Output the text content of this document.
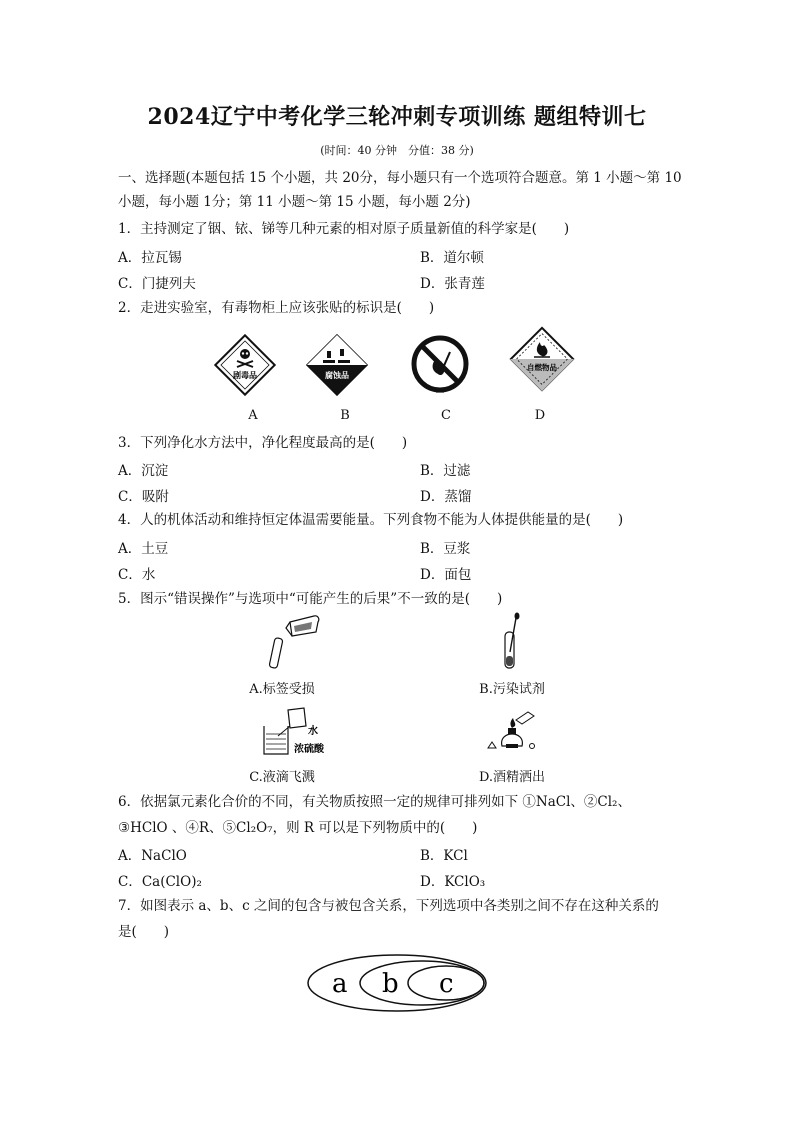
2024辽宁中考化学三轮冲刺专项训练 题组特训七
(时间：40 分钟　分值：38 分)
一、选择题(本题包括 15 个小题，共 20分，每小题只有一个选项符合题意。第 1 小题～第 10
小题，每小题 1分；第 11 小题～第 15 小题，每小题 2分)
1．主持测定了铟、铱、锑等几种元素的相对原子质量新值的科学家是(　　)
A．拉瓦锡	B．道尔顿
C．门捷列夫	D．张青莲
2．走进实验室，有毒物柜上应该张贴的标识是(　　)
剧毒品	腐蚀品
自燃物品
A	B	C	D
3．下列净化水方法中，净化程度最高的是(　　)
A．沉淀	B．过滤
C．吸附	D．蒸馏
4．人的机体活动和维持恒定体温需要能量。下列食物不能为人体提供能量的是(　　)
A．土豆	B．豆浆
C．水	D．面包
5．图示“错误操作”与选项中“可能产生的后果”不一致的是(　　)
A.标签受损	B.污染试剂
水
浓硫酸
C.液滴飞溅	D.酒精洒出
6．依据氯元素化合价的不同，有关物质按照一定的规律可排列如下 ①NaCl、②Cl₂、
③HClO 、④R、⑤Cl₂O₇，则 R 可以是下列物质中的(　　)
A．NaClO	B．KCl
C．Ca(ClO)₂	D．KClO₃
7．如图表示 a、b、c 之间的包含与被包含关系，下列选项中各类别之间不存在这种关系的
是(　　)
a b c
